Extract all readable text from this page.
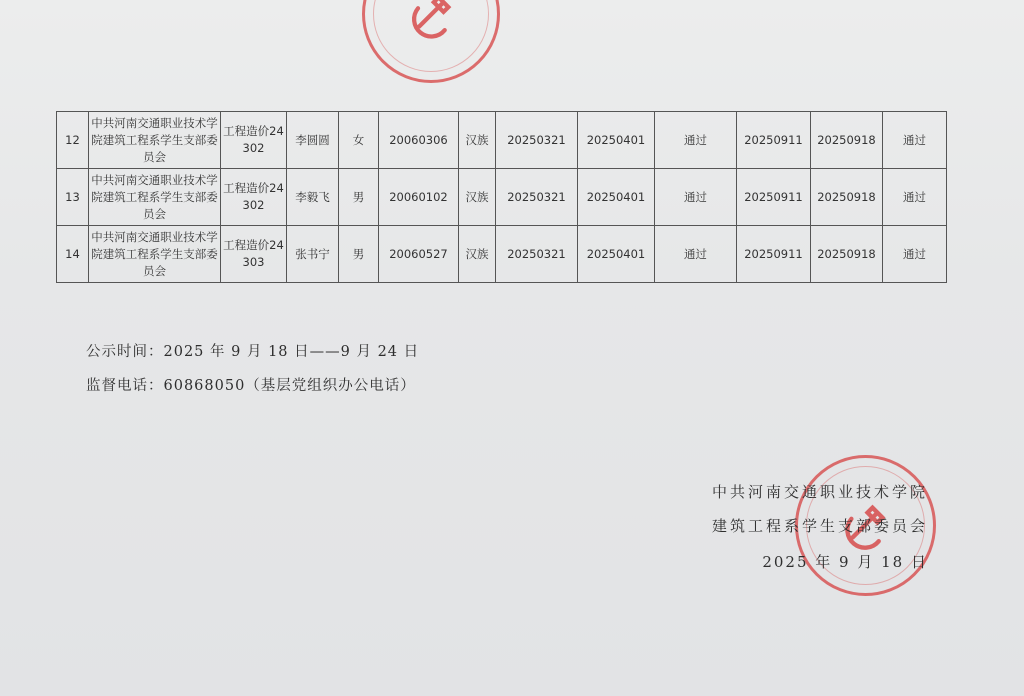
12	中共河南交通职业技术学院建筑工程系学生支部委员会	工程造价24302	李圆圆	女	20060306	汉族	20250321	20250401	通过	20250911	20250918	通过
13	中共河南交通职业技术学院建筑工程系学生支部委员会	工程造价24302	李毅飞	男	20060102	汉族	20250321	20250401	通过	20250911	20250918	通过
14	中共河南交通职业技术学院建筑工程系学生支部委员会	工程造价24303	张书宁	男	20060527	汉族	20250321	20250401	通过	20250911	20250918	通过
公示时间：2025 年 9 月 18 日——9 月 24 日
监督电话：60868050（基层党组织办公电话）
中共河南交通职业技术学院
建筑工程系学生支部委员会
2025 年 9 月 18 日
